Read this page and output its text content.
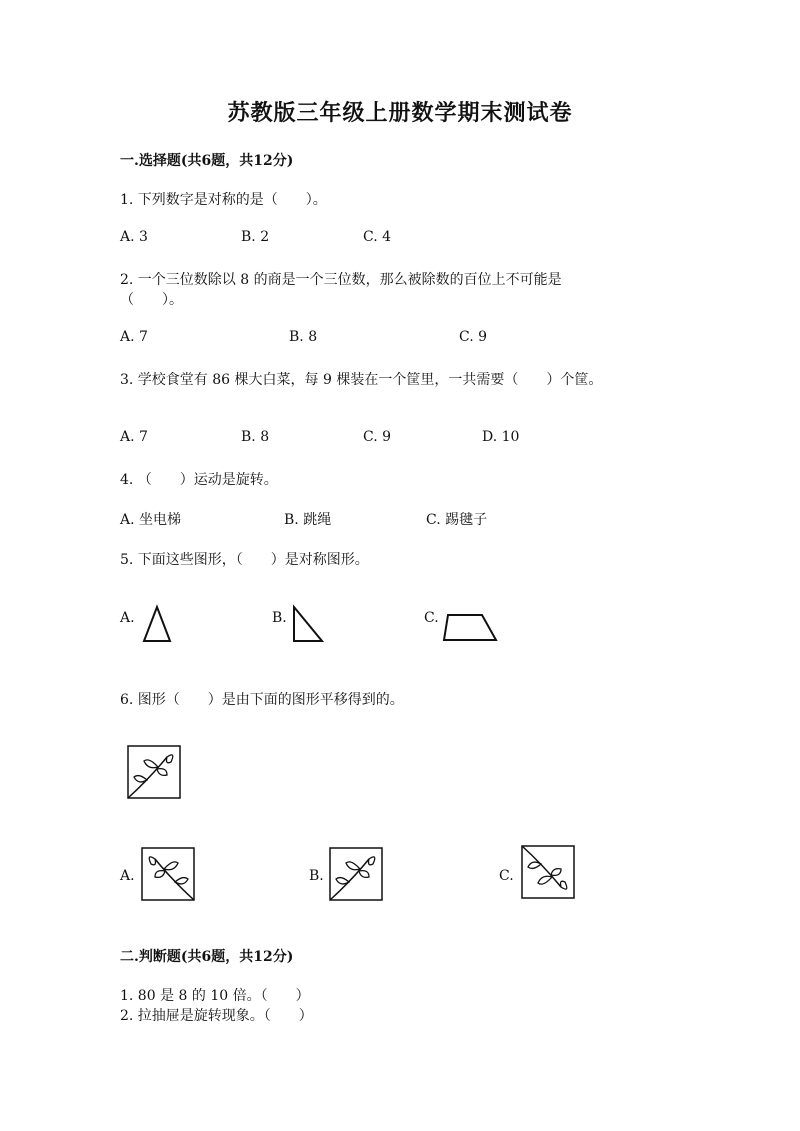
苏教版三年级上册数学期末测试卷
一.选择题(共6题，共12分)
1. 下列数字是对称的是（　　）。
A. 3	B. 2	C. 4
2. 一个三位数除以 8 的商是一个三位数，那么被除数的百位上不可能是
（　　）。
A. 7	B. 8	C. 9
3. 学校食堂有 86 棵大白菜，每 9 棵装在一个筐里，一共需要（　　）个筐。
A. 7	B. 8	C. 9	D. 10
4. （　　）运动是旋转。
A. 坐电梯	B. 跳绳	C. 踢毽子
5. 下面这些图形，（　　）是对称图形。
A.	B.	C.
6. 图形（　　）是由下面的图形平移得到的。
A.	B.	C.
二.判断题(共6题，共12分)
1. 80 是 8 的 10 倍。（　　）
2. 拉抽屉是旋转现象。（　　）
